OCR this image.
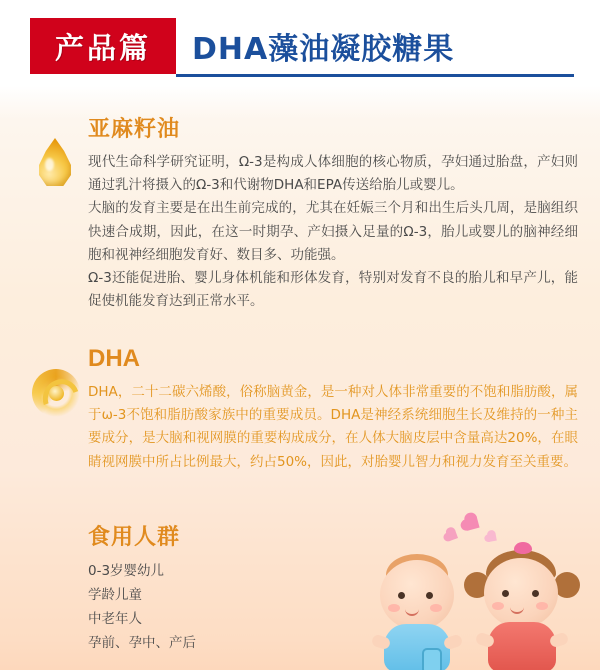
产品篇 DHA藻油凝胶糖果
亚麻籽油

现代生命科学研究证明，Ω-3是构成人体细胞的核心物质，孕妇通过胎盘，产妇则通过乳汁将摄入的Ω-3和代谢物DHA和EPA传送给胎儿或婴儿。

大脑的发育主要是在出生前完成的，尤其在妊娠三个月和出生后头几周，是脑组织快速合成期，因此，在这一时期孕、产妇摄入足量的Ω-3，胎儿或婴儿的脑神经细胞和视神经细胞发育好、数目多、功能强。

Ω-3还能促进胎、婴儿身体机能和形体发育，特别对发育不良的胎儿和早产儿，能促使机能发育达到正常水平。

DHA

DHA，二十二碳六烯酸，俗称脑黄金，是一种对人体非常重要的不饱和脂肪酸，属于ω-3不饱和脂肪酸家族中的重要成员。DHA是神经系统细胞生长及维持的一种主要成分，是大脑和视网膜的重要构成成分，在人体大脑皮层中含量高达20%，在眼睛视网膜中所占比例最大，约占50%，因此，对胎婴儿智力和视力发育至关重要。

食用人群
0-3岁婴幼儿
学龄儿童
中老年人
孕前、孕中、产后
